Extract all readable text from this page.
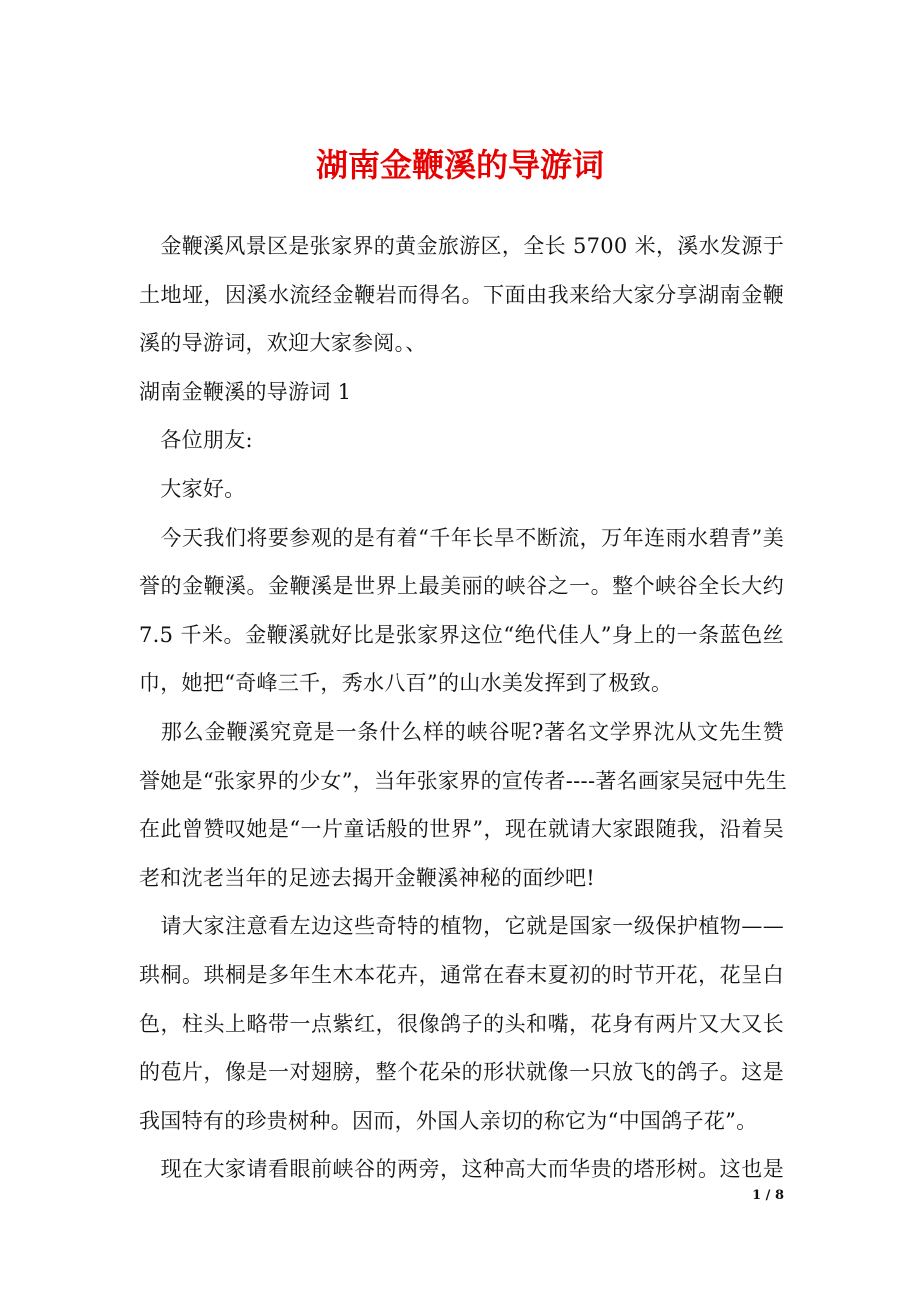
湖南金鞭溪的导游词
　金鞭溪风景区是张家界的黄金旅游区，全长 5700 米，溪水发源于
土地垭，因溪水流经金鞭岩而得名。下面由我来给大家分享湖南金鞭
溪的导游词，欢迎大家参阅。、
湖南金鞭溪的导游词 1
　各位朋友:
　大家好。
　今天我们将要参观的是有着“千年长旱不断流，万年连雨水碧青”美
誉的金鞭溪。金鞭溪是世界上最美丽的峡谷之一。整个峡谷全长大约
7.5 千米。金鞭溪就好比是张家界这位“绝代佳人”身上的一条蓝色丝
巾，她把“奇峰三千，秀水八百”的山水美发挥到了极致。
　那么金鞭溪究竟是一条什么样的峡谷呢?著名文学界沈从文先生赞
誉她是“张家界的少女”，当年张家界的宣传者----著名画家吴冠中先生
在此曾赞叹她是“一片童话般的世界”，现在就请大家跟随我，沿着吴
老和沈老当年的足迹去揭开金鞭溪神秘的面纱吧!
　请大家注意看左边这些奇特的植物，它就是国家一级保护植物——
珙桐。珙桐是多年生木本花卉，通常在春末夏初的时节开花，花呈白
色，柱头上略带一点紫红，很像鸽子的头和嘴，花身有两片又大又长
的苞片，像是一对翅膀，整个花朵的形状就像一只放飞的鸽子。这是
我国特有的珍贵树种。因而，外国人亲切的称它为“中国鸽子花”。
　现在大家请看眼前峡谷的两旁，这种高大而华贵的塔形树。这也是
1 / 8
